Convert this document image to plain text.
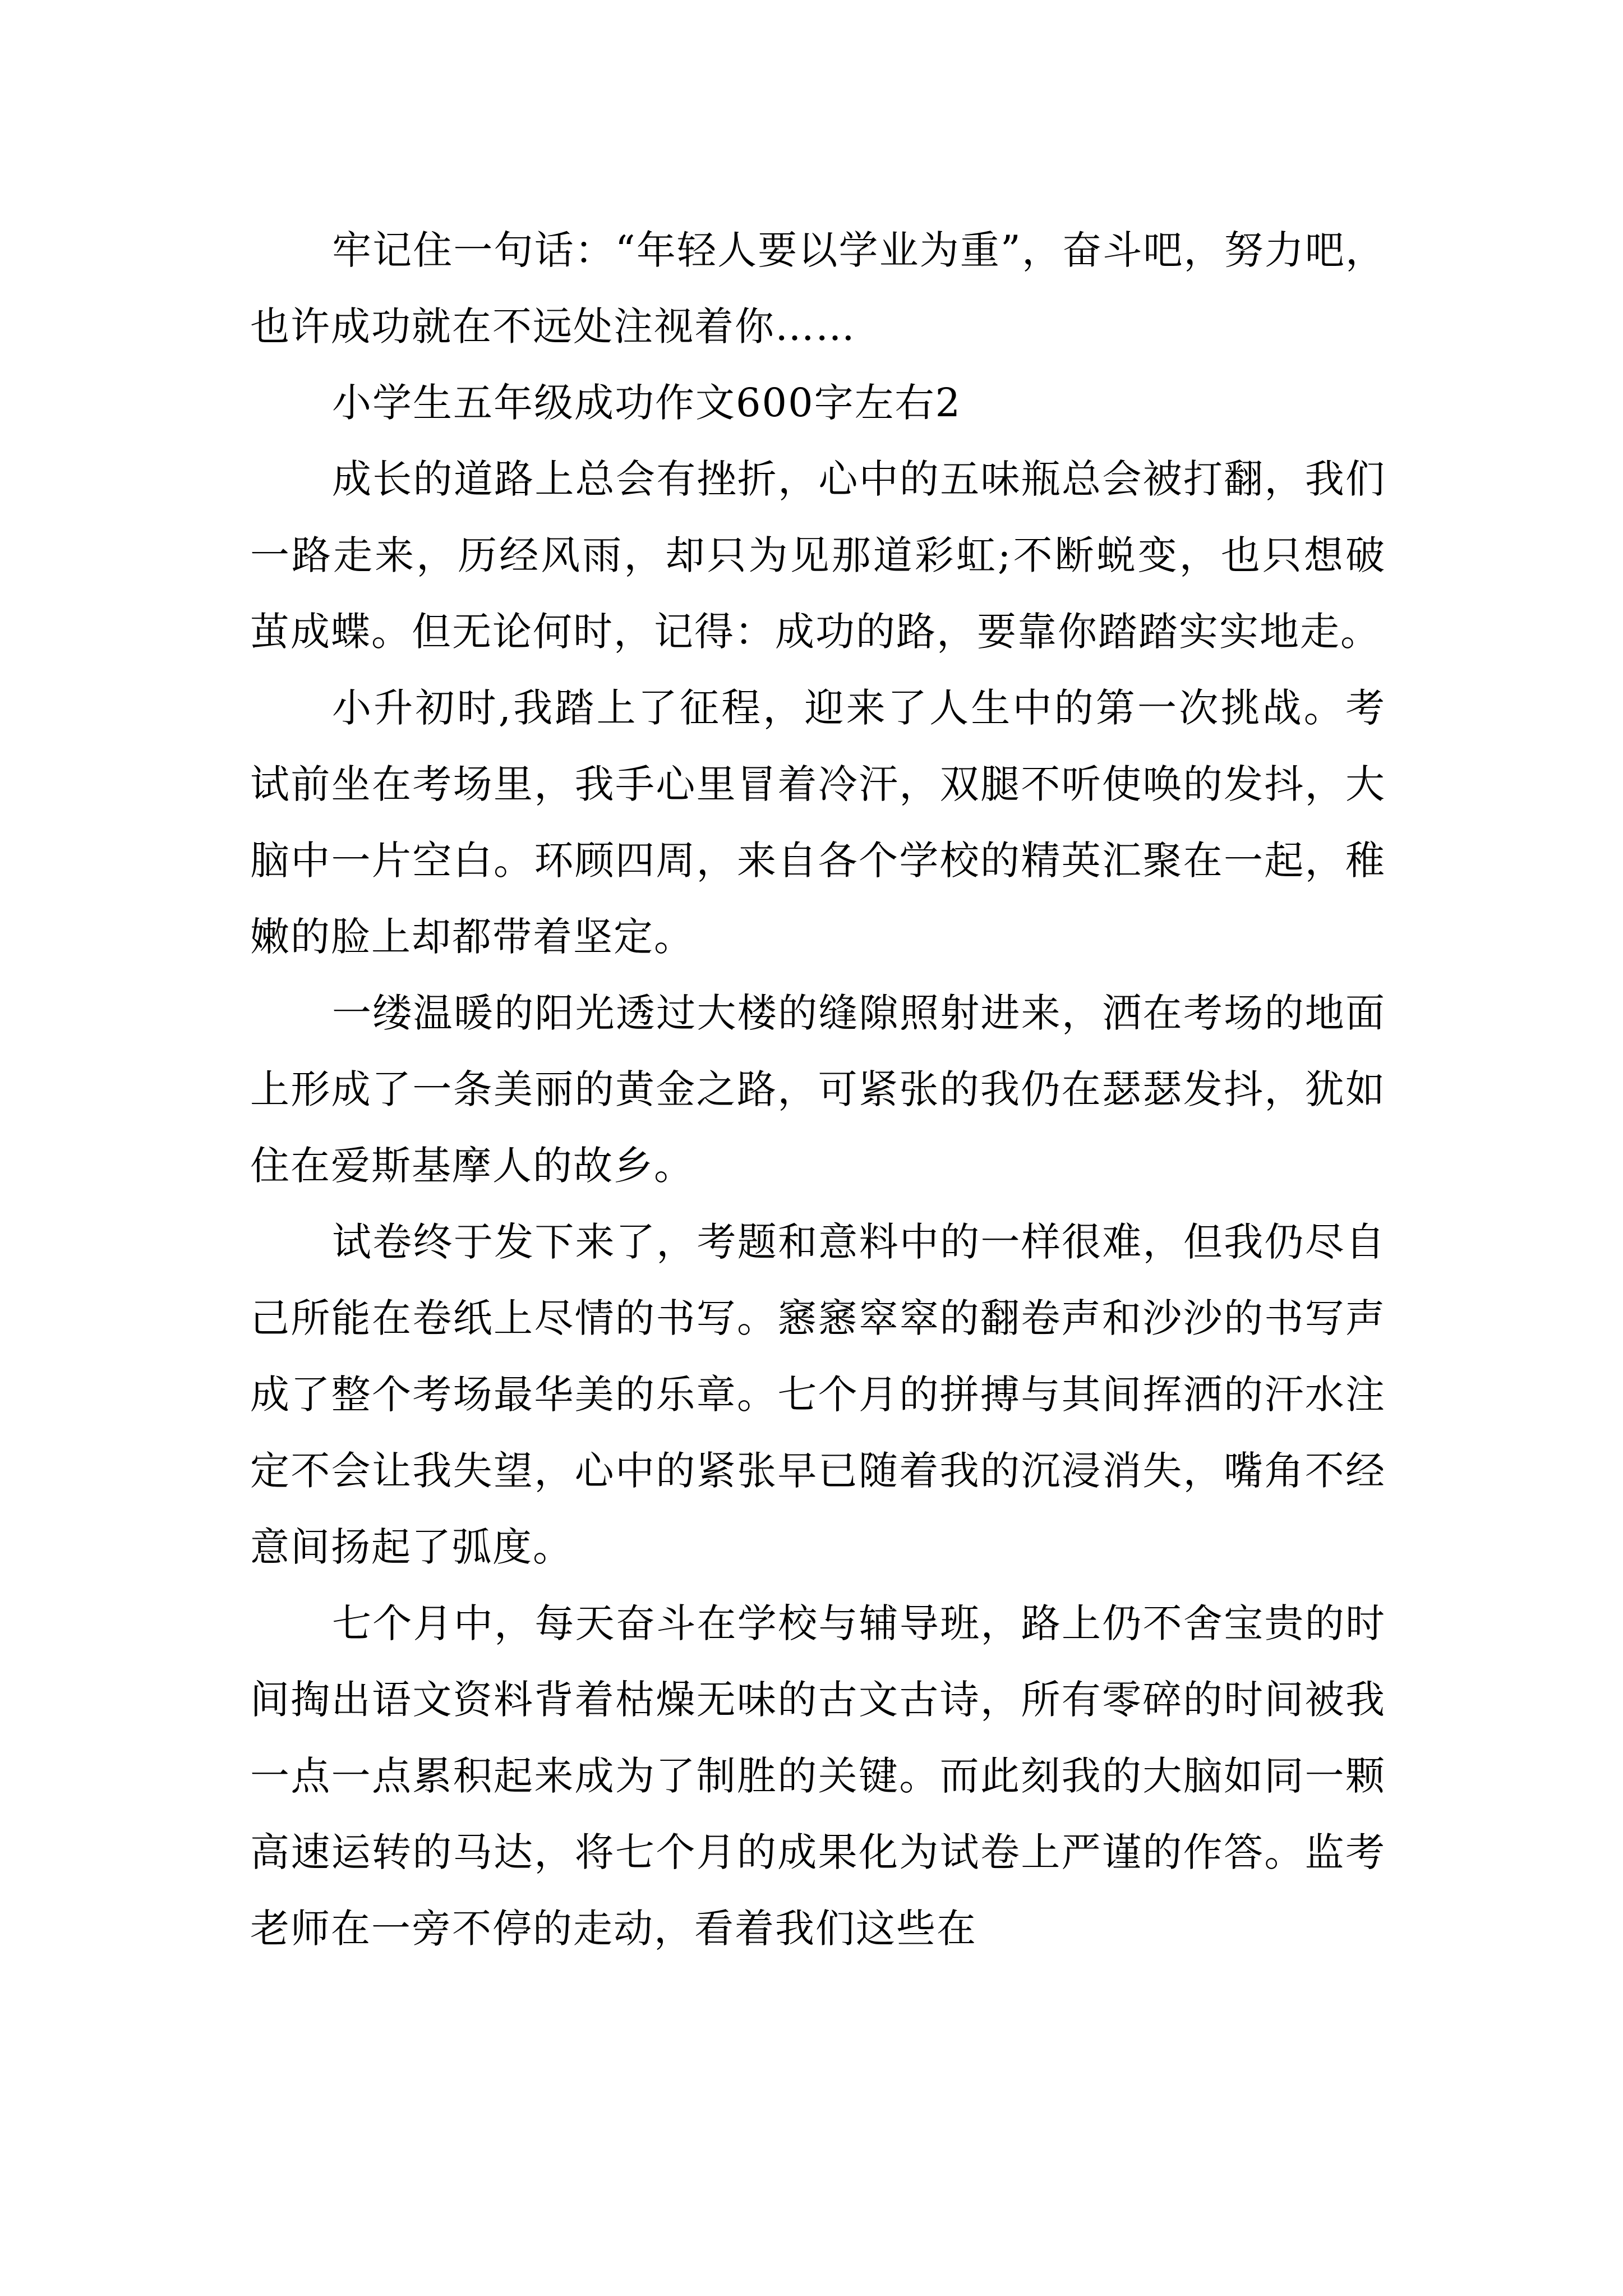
牢记住一句话：“年轻人要以学业为重”，奋斗吧，努力吧，也许成功就在不远处注视着你……

小学生五年级成功作文600字左右2

成长的道路上总会有挫折，心中的五味瓶总会被打翻，我们一路走来，历经风雨，却只为见那道彩虹;不断蜕变，也只想破茧成蝶。但无论何时，记得：成功的路，要靠你踏踏实实地走。

小升初时,我踏上了征程，迎来了人生中的第一次挑战。考试前坐在考场里，我手心里冒着冷汗，双腿不听使唤的发抖，大脑中一片空白。环顾四周，来自各个学校的精英汇聚在一起，稚嫩的脸上却都带着坚定。

一缕温暖的阳光透过大楼的缝隙照射进来，洒在考场的地面上形成了一条美丽的黄金之路，可紧张的我仍在瑟瑟发抖，犹如住在爱斯基摩人的故乡。

试卷终于发下来了，考题和意料中的一样很难，但我仍尽自己所能在卷纸上尽情的书写。窸窸窣窣的翻卷声和沙沙的书写声成了整个考场最华美的乐章。七个月的拼搏与其间挥洒的汗水注定不会让我失望，心中的紧张早已随着我的沉浸消失，嘴角不经意间扬起了弧度。

七个月中，每天奋斗在学校与辅导班，路上仍不舍宝贵的时间掏出语文资料背着枯燥无味的古文古诗，所有零碎的时间被我一点一点累积起来成为了制胜的关键。而此刻我的大脑如同一颗高速运转的马达，将七个月的成果化为试卷上严谨的作答。监考老师在一旁不停的走动，看着我们这些在
